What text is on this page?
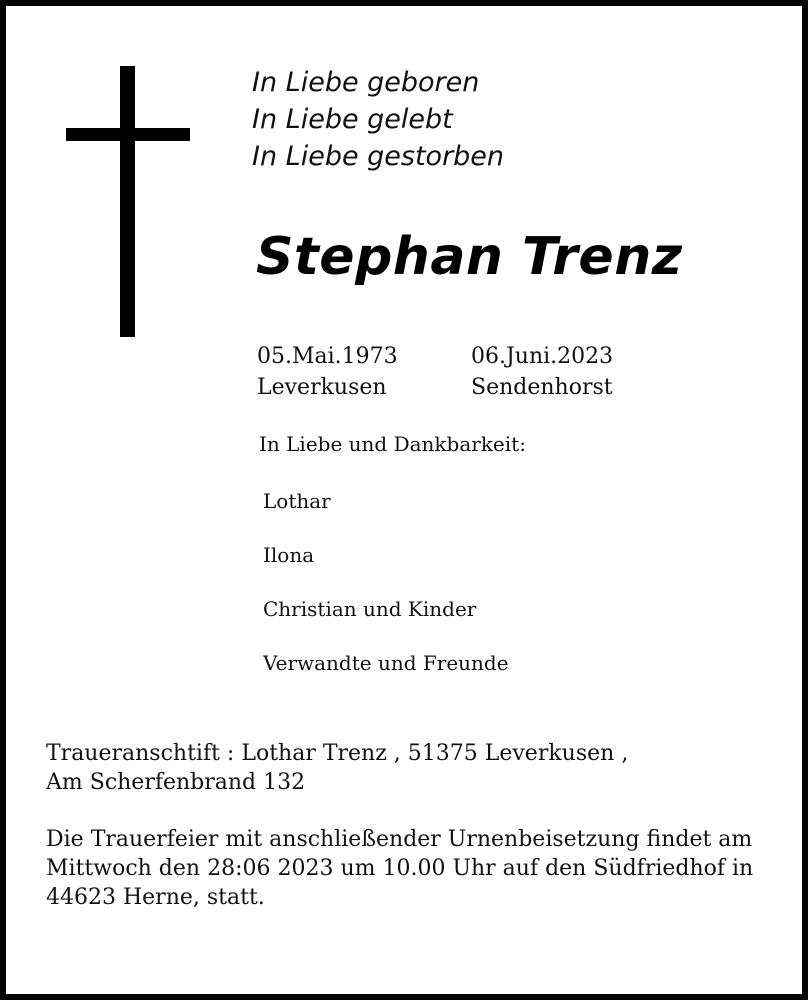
In Liebe geboren
In Liebe gelebt
In Liebe gestorben
Stephan Trenz
05.Mai.1973
Leverkusen
06.Juni.2023
Sendenhorst
In Liebe und Dankbarkeit:
Lothar
Ilona
Christian und Kinder
Verwandte und Freunde
Traueranschtift : Lothar Trenz , 51375 Leverkusen ,
Am Scherfenbrand 132
Die Trauerfeier mit anschließender Urnenbeisetzung findet am
Mittwoch den 28:06 2023 um 10.00 Uhr auf den Südfriedhof in
44623 Herne, statt.
